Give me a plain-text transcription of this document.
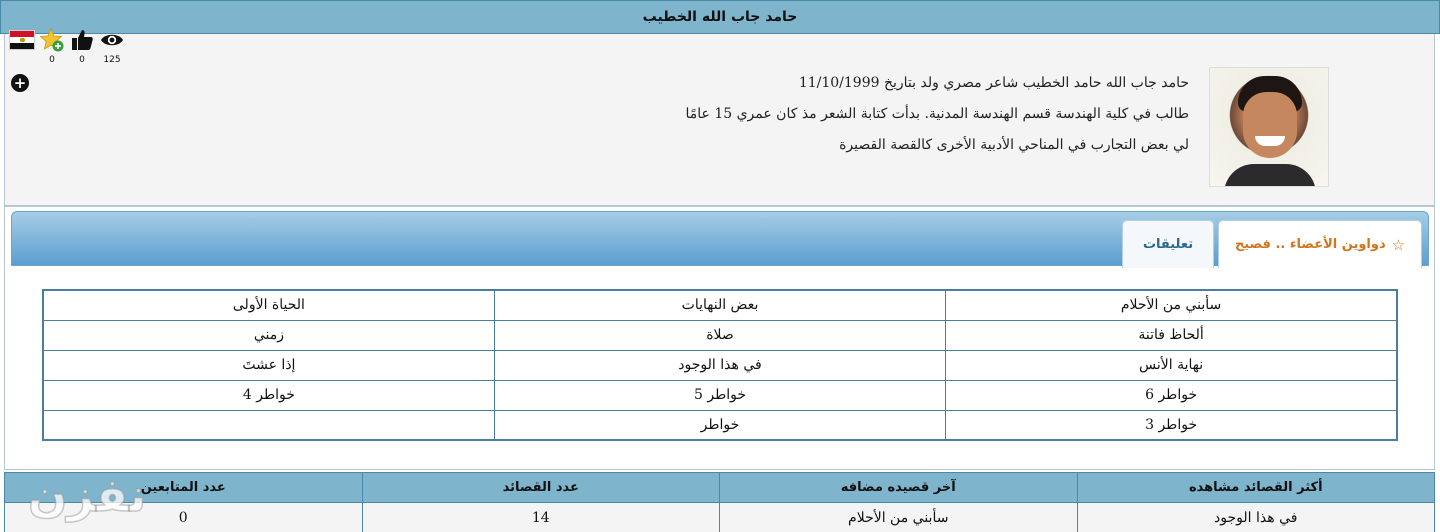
حامد جاب الله الخطيب
125
0
0
+	حامد جاب الله حامد الخطيب شاعر مصري ولد بتاريخ 11/10/1999

طالب في كلية الهندسة قسم الهندسة المدنية. بدأت كتابة الشعر مذ كان عمري 15 عامًا

لي بعض التجارب في المناحي الأدبية الأخرى كالقصة القصيرة

☆
دواوين الأعضاء .. فصيح
تعليقات
سأبني من الأحلام	بعض النهايات	الحياة الأولى
ألحاظ فاتنة	صلاة	زمني
نهاية الأنس	في هذا الوجود	إذا عشتَ
خواطر 6	خواطر 5	خواطر 4
خواطر 3	خواطر	
أكثر القصائد مشاهده	آخر قصيده مضافه	عدد القصائد	عدد المتابعين
في هذا الوجود	سأبني من الأحلام	14	0
نفزن
